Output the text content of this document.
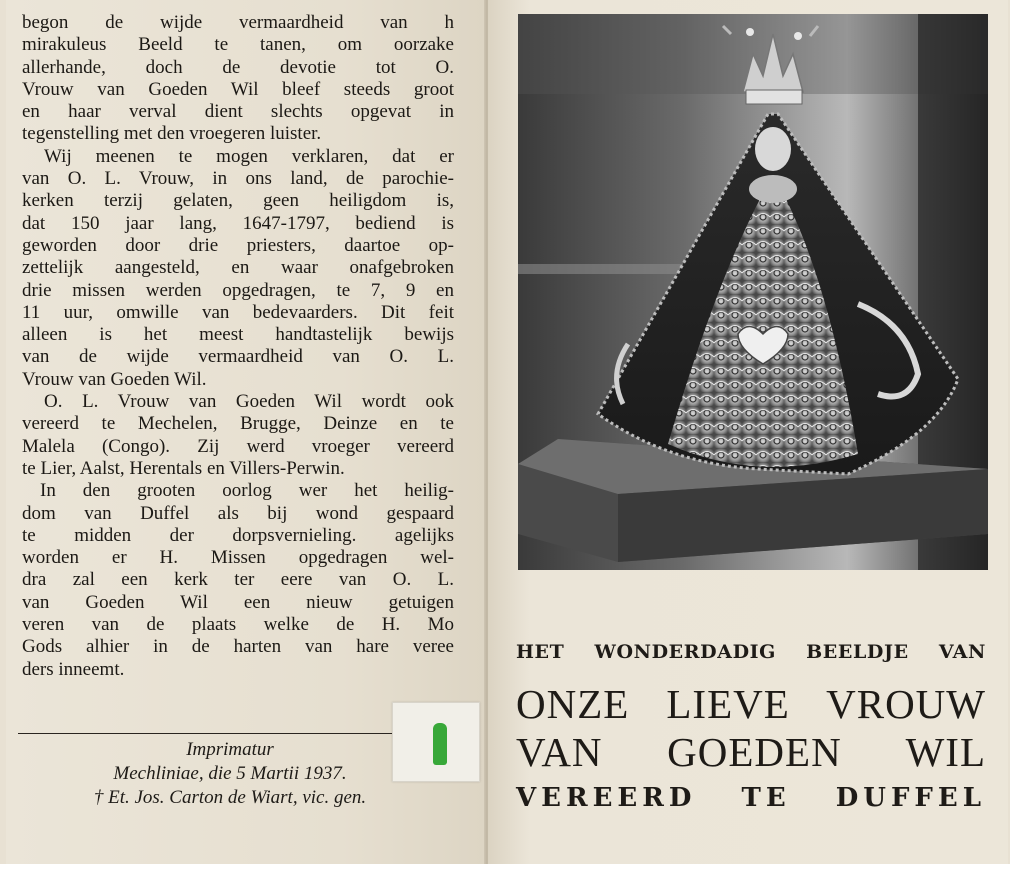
begon de wijde vermaardheid van h
mirakuleus Beeld te tanen, om oorzake
allerhande, doch de devotie tot O.
Vrouw van Goeden Wil bleef steeds groot
en haar verval dient slechts opgevat in
tegenstelling met den vroegeren luister.
Wij meenen te mogen verklaren, dat er
van O. L. Vrouw, in ons land, de parochie-
kerken terzij gelaten, geen heiligdom is,
dat 150 jaar lang, 1647-1797, bediend is
geworden door drie priesters, daartoe op-
zettelijk aangesteld, en waar onafgebroken
drie missen werden opgedragen, te 7, 9 en
11 uur, omwille van bedevaarders. Dit feit
alleen is het meest handtastelijk bewijs
van de wijde vermaardheid van O. L.
Vrouw van Goeden Wil.
O. L. Vrouw van Goeden Wil wordt ook
vereerd te Mechelen, Brugge, Deinze en te
Malela (Congo). Zij werd vroeger vereerd
te Lier, Aalst, Herentals en Villers-Perwin.
In den grooten oorlog wer het heilig-
dom van Duffel als bij wond gespaard
te midden der dorpsvernieling. agelijks
worden er H. Missen opgedragen wel-
dra zal een kerk ter eere van O. L.
van Goeden Wil een nieuw getuigen
veren van de plaats welke de H. Mo
Gods alhier in de harten van hare veree
ders inneemt.
Imprimatur
Mechliniae, die 5 Martii 1937.
† Et. Jos. Carton de Wiart, vic. gen.
HET WONDERDADIG BEELDJE VAN
ONZE LIEVE VROUW
VAN GOEDEN WIL
VEREERD TE DUFFEL
